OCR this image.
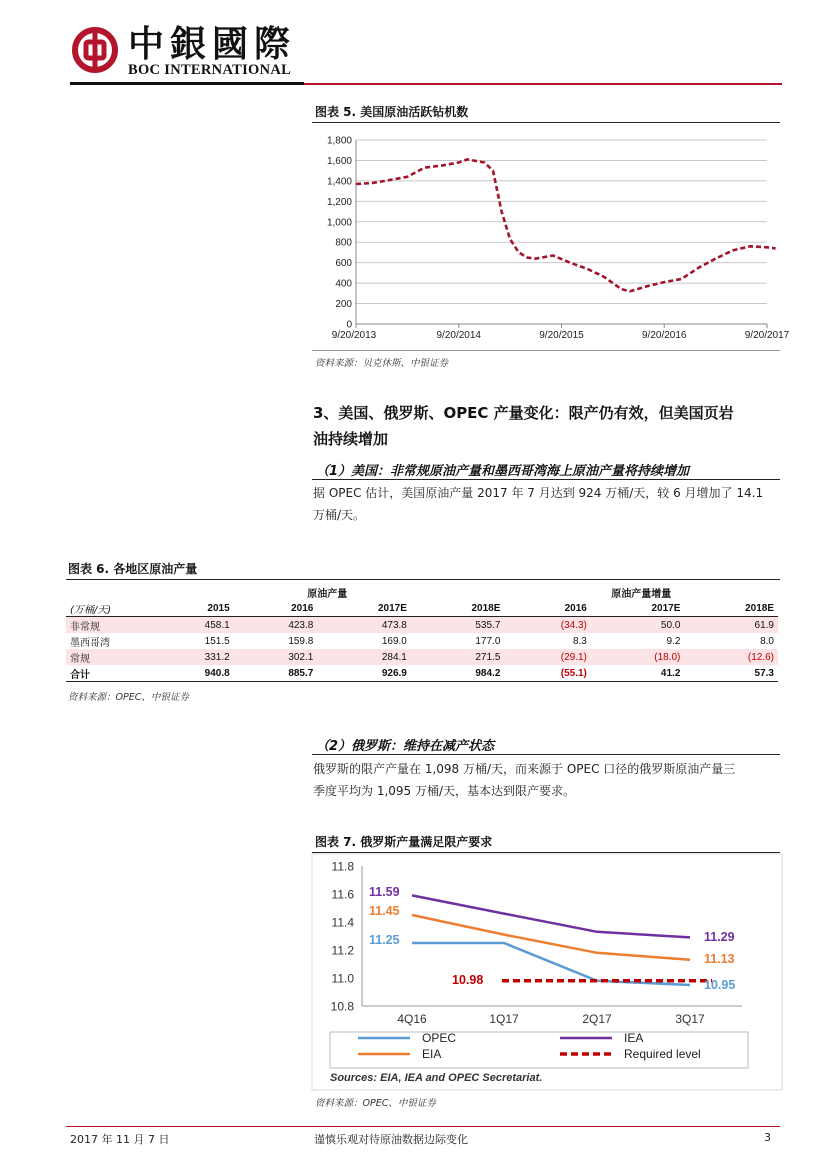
中銀國際
BOC INTERNATIONAL
图表 5. 美国原油活跃钻机数
0
200
400
600
800
1,000
1,200
1,400
1,600
1,800
9/20/2013	9/20/2014	9/20/2015	9/20/2016	9/20/2017
资料来源：贝克休斯、中银证券
3、美国、俄罗斯、OPEC 产量变化：限产仍有效，但美国页岩
油持续增加
（1）美国：非常规原油产量和墨西哥湾海上原油产量将持续增加
据 OPEC 估计，美国原油产量 2017 年 7 月达到 924 万桶/天，较 6 月增加了 14.1
万桶/天。
图表 6. 各地区原油产量
	原油产量				原油产量增量		
(万桶/天)	2015	2016	2017E	2018E	2016	2017E	2018E
非常规	458.1	423.8	473.8	535.7	(34.3)	50.0	61.9
墨西哥湾	151.5	159.8	169.0	177.0	8.3	9.2	8.0
常规	331.2	302.1	284.1	271.5	(29.1)	(18.0)	(12.6)
合计	940.8	885.7	926.9	984.2	(55.1)	41.2	57.3
资料来源：OPEC、中银证券
（2）俄罗斯：维持在减产状态
俄罗斯的限产产量在 1,098 万桶/天，而来源于 OPEC 口径的俄罗斯原油产量三
季度平均为 1,095 万桶/天，基本达到限产要求。
图表 7. 俄罗斯产量满足限产要求
10.8
11.0
11.2
11.4
11.6
11.8
4Q16	1Q17	2Q17	3Q17
11.59
11.45
11.25
10.98
11.29
11.13
10.95
OPEC	IEA
EIA	Required level
Sources: EIA, IEA and OPEC Secretariat.
资料来源：OPEC、中银证券
2017 年 11 月 7 日	谨慎乐观对待原油数据边际变化	3
